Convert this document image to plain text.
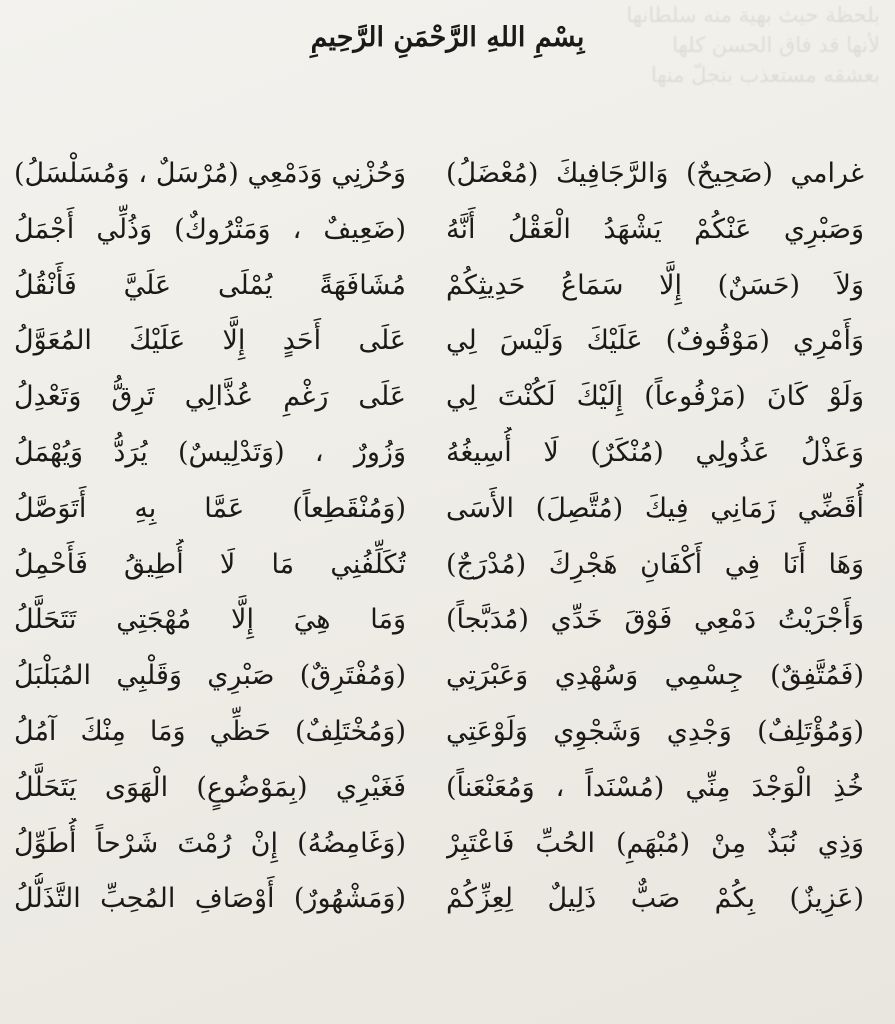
بلحظة حيث بهية منه سلطانها
لأنها قد فاق الحسن كلها
بعشقه مستعذب بتجلّ منها
بِسْمِ اللهِ الرَّحْمَنِ الرَّحِيمِ
غرامي (صَحِيحٌ) وَالرَّجَافِيكَ (مُعْضَلُ)
وَحُزْنِي وَدَمْعِي (مُرْسَلٌ ، وَمُسَلْسَلُ)
وَصَبْرِي عَنْكُمْ يَشْهَدُ الْعَقْلُ أَنَّهُ
(ضَعِيفٌ ، وَمَتْرُوكٌ) وَذُلِّي أَجْمَلُ
وَلاَ (حَسَنٌ) إِلَّا سَمَاعُ حَدِيثِكُمْ
مُشَافَهَةً يُمْلَى عَلَيَّ فَأَنْقُلُ
وَأَمْرِي (مَوْقُوفٌ) عَلَيْكَ وَلَيْسَ لِي
عَلَى أَحَدٍ إِلَّا عَلَيْكَ المُعَوَّلُ
وَلَوْ كَانَ (مَرْفُوعاً) إِلَيْكَ لَكُنْتَ لِي
عَلَى رَغْمِ عُذَّالِي تَرِقُّ وَتَعْدِلُ
وَعَذْلُ عَذُولِي (مُنْكَرٌ) لَا أُسِيغُهُ
وَزُورٌ ، (وَتَدْلِيسٌ) يُرَدُّ وَيُهْمَلُ
أُقَضِّي زَمَانِي فِيكَ (مُتَّصِلَ) الأَسَى
(وَمُنْقَطِعاً) عَمَّا بِهِ أَتَوَصَّلُ
وَهَا أَنَا فِي أَكْفَانِ هَجْرِكَ (مُدْرَجٌ)
تُكَلِّفُنِي مَا لَا أُطِيقُ فَأَحْمِلُ
وَأَجْرَيْتُ دَمْعِي فَوْقَ خَدِّي (مُدَبَّجاً)
وَمَا هِيَ إِلَّا مُهْجَتِي تَتَحَلَّلُ
(فَمُتَّفِقٌ) جِسْمِي وَسُهْدِي وَعَبْرَتِي
(وَمُفْتَرِقٌ) صَبْرِي وَقَلْبِي المُبَلْبَلُ
(وَمُؤْتَلِفٌ) وَجْدِي وَشَجْوِي وَلَوْعَتِي
(وَمُخْتَلِفٌ) حَظِّي وَمَا مِنْكَ آمُلُ
خُذِ الْوَجْدَ مِنِّي (مُسْنَداً ، وَمُعَنْعَناً)
فَغَيْرِي (بِمَوْضُوعٍ) الْهَوَى يَتَحَلَّلُ
وَذِي نُبَذٌ مِنْ (مُبْهَمِ) الحُبِّ فَاعْتَبِرْ
(وَغَامِضُهُ) إِنْ رُمْتَ شَرْحاً أُطَوِّلُ
(عَزِيزٌ) بِكُمْ صَبٌّ ذَلِيلٌ لِعِزِّكُمْ
(وَمَشْهُورٌ) أَوْصَافِ المُحِبِّ التَّذَلُّلُ
